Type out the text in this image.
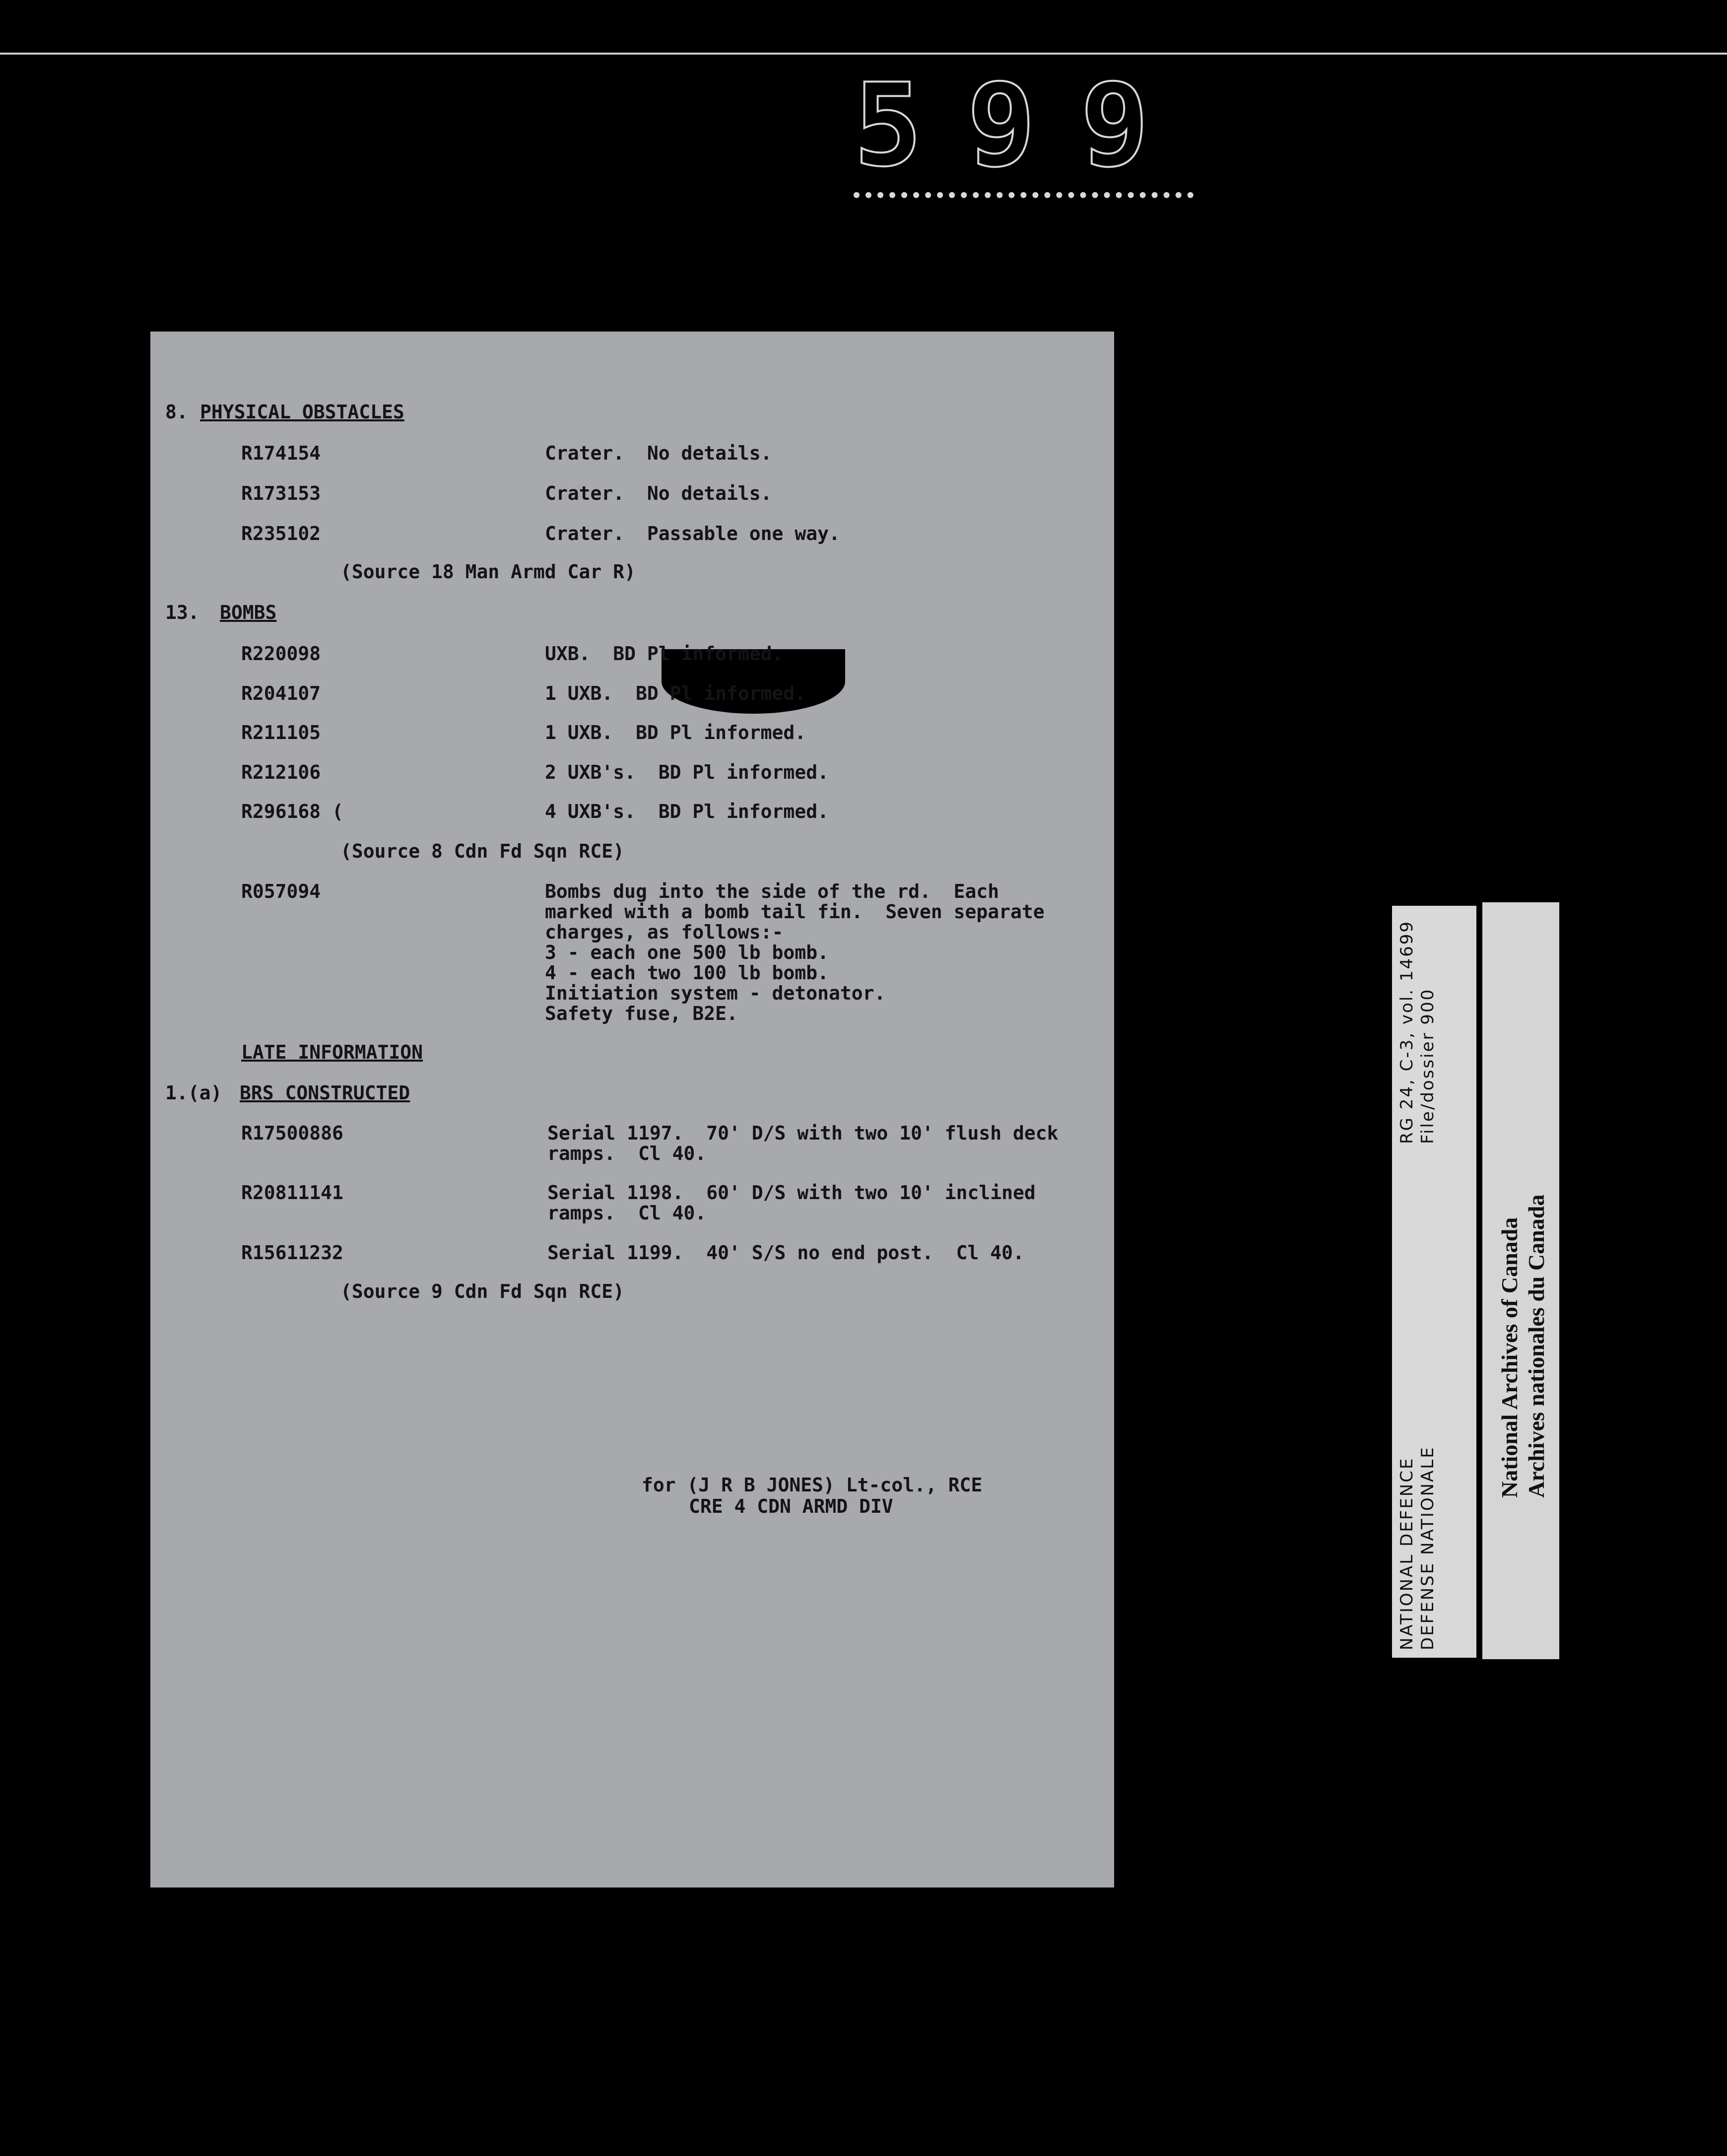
599
8. PHYSICAL OBSTACLES
R174154	Crater.  No details.
R173153	Crater.  No details.
R235102	Crater.  Passable one way.
(Source 18 Man Armd Car R)
13. BOMBS
R220098	UXB.  BD Pl informed.
R204107	1 UXB.  BD Pl informed.
R211105	1 UXB.  BD Pl informed.
R212106	2 UXB's.  BD Pl informed.
R296168 (	4 UXB's.  BD Pl informed.
(Source 8 Cdn Fd Sqn RCE)
R057094	Bombs dug into the side of the rd.  Each
marked with a bomb tail fin.  Seven separate
charges, as follows:-
3 - each one 500 lb bomb.
4 - each two 100 lb bomb.
Initiation system - detonator.
Safety fuse, B2E.
LATE INFORMATION
1.(a) BRS CONSTRUCTED
R17500886	Serial 1197.  70' D/S with two 10' flush deck
ramps.  Cl 40.
R20811141	Serial 1198.  60' D/S with two 10' inclined
ramps.  Cl 40.
R15611232	Serial 1199.  40' S/S no end post.  Cl 40.
(Source 9 Cdn Fd Sqn RCE)
for (J R B JONES) Lt-col., RCE
CRE 4 CDN ARMD DIV
RG 24, C-3, vol. 14699 File/dossier 900
NATIONAL DEFENCE DEFENSE NATIONALE
National Archives of Canada Archives nationales du Canada
